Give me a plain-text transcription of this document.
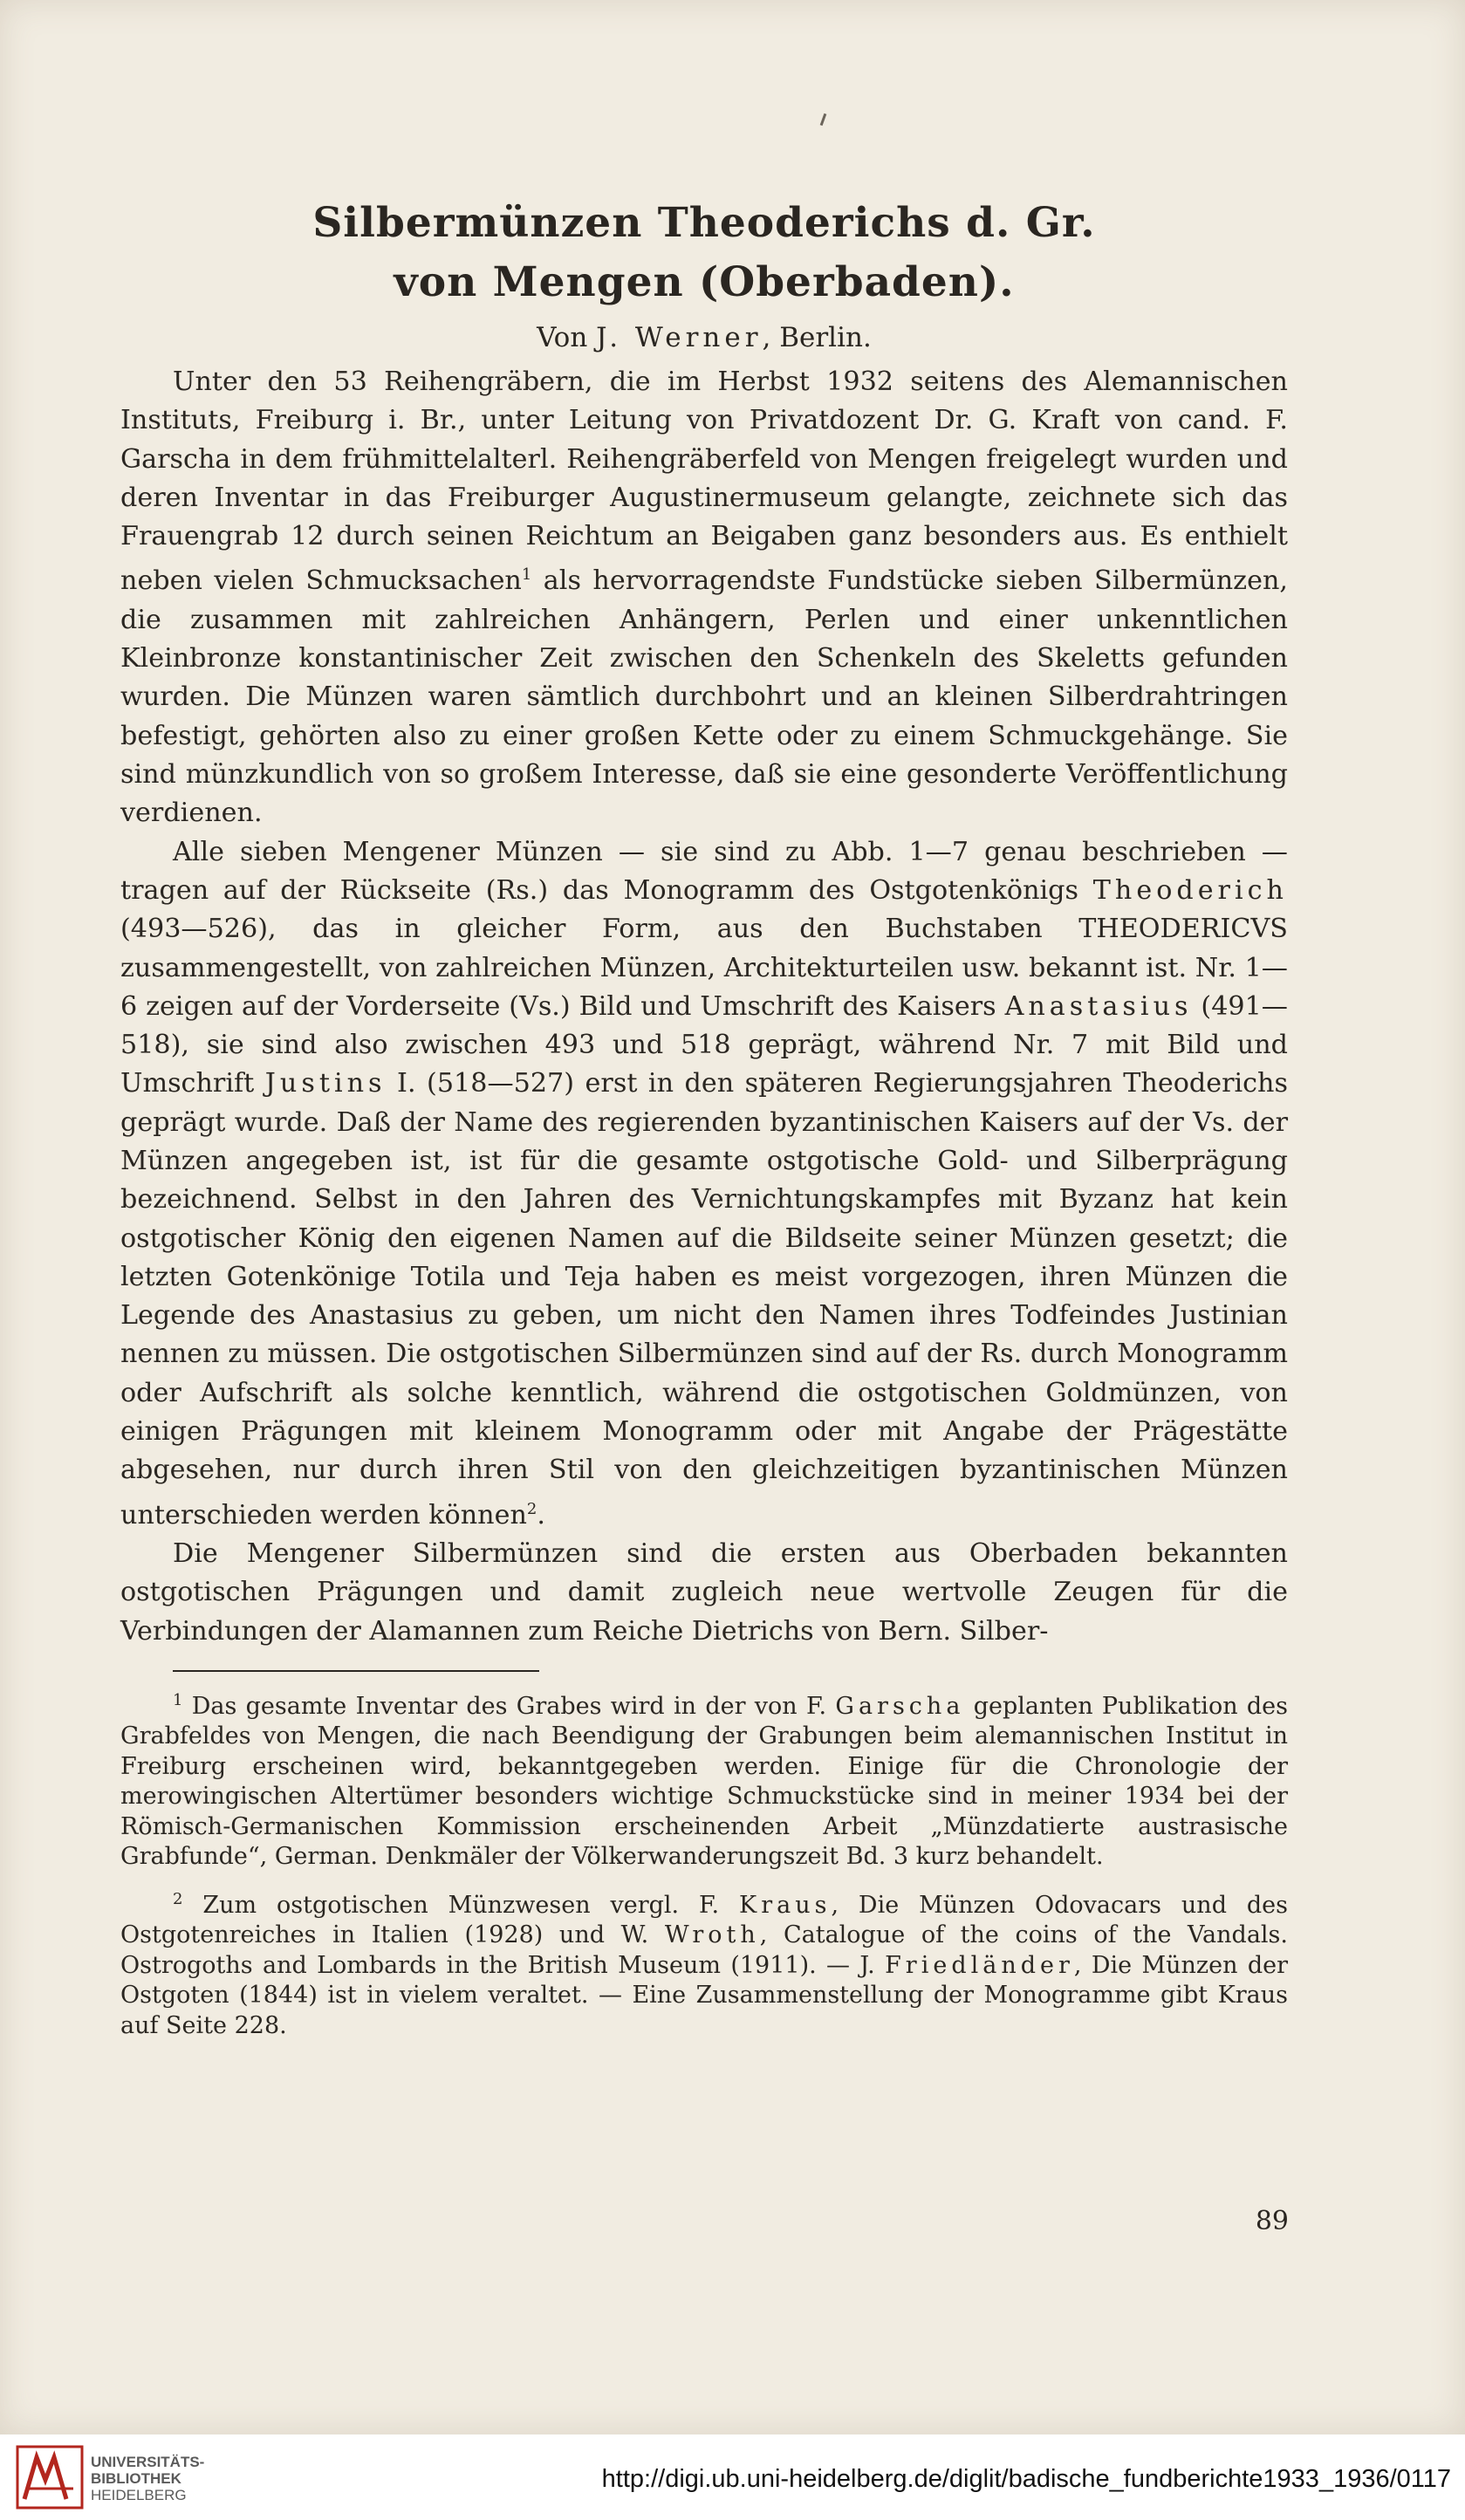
Silbermünzen Theoderichs d. Gr.
von Mengen (Oberbaden).
Von J. Werner, Berlin.

Unter den 53 Reihengräbern, die im Herbst 1932 seitens des Alemannischen Instituts, Freiburg i. Br., unter Leitung von Privatdozent Dr. G. Kraft von cand. F. Garscha in dem frühmittelalterl. Reihengräberfeld von Mengen freigelegt wurden und deren Inventar in das Freiburger Augustinermuseum gelangte, zeichnete sich das Frauengrab 12 durch seinen Reichtum an Beigaben ganz besonders aus. Es enthielt neben vielen Schmucksachen$^1$ als hervorragendste Fundstücke sieben Silbermünzen, die zusammen mit zahlreichen Anhängern, Perlen und einer unkenntlichen Kleinbronze konstantinischer Zeit zwischen den Schenkeln des Skeletts gefunden wurden. Die Münzen waren sämtlich durchbohrt und an kleinen Silberdrahtringen befestigt, gehörten also zu einer großen Kette oder zu einem Schmuckgehänge. Sie sind münzkundlich von so großem Interesse, daß sie eine gesonderte Veröffentlichung verdienen.

Alle sieben Mengener Münzen — sie sind zu Abb. 1—7 genau beschrieben — tragen auf der Rückseite (Rs.) das Monogramm des Ostgotenkönigs Theoderich (493—526), das in gleicher Form, aus den Buchstaben THEODERICVS zusammengestellt, von zahlreichen Münzen, Architekturteilen usw. bekannt ist. Nr. 1—6 zeigen auf der Vorderseite (Vs.) Bild und Umschrift des Kaisers Anastasius (491—518), sie sind also zwischen 493 und 518 geprägt, während Nr. 7 mit Bild und Umschrift Justins I. (518—527) erst in den späteren Regierungsjahren Theoderichs geprägt wurde. Daß der Name des regierenden byzantinischen Kaisers auf der Vs. der Münzen angegeben ist, ist für die gesamte ostgotische Gold- und Silberprägung bezeichnend. Selbst in den Jahren des Vernichtungskampfes mit Byzanz hat kein ostgotischer König den eigenen Namen auf die Bildseite seiner Münzen gesetzt; die letzten Gotenkönige Totila und Teja haben es meist vorgezogen, ihren Münzen die Legende des Anastasius zu geben, um nicht den Namen ihres Todfeindes Justinian nennen zu müssen. Die ostgotischen Silbermünzen sind auf der Rs. durch Monogramm oder Aufschrift als solche kenntlich, während die ostgotischen Goldmünzen, von einigen Prägungen mit kleinem Monogramm oder mit Angabe der Prägestätte abgesehen, nur durch ihren Stil von den gleichzeitigen byzantinischen Münzen unterschieden werden können$^2$.

Die Mengener Silbermünzen sind die ersten aus Oberbaden bekannten ostgotischen Prägungen und damit zugleich neue wertvolle Zeugen für die Verbindungen der Alamannen zum Reiche Dietrichs von Bern. Silber-

$^1$ Das gesamte Inventar des Grabes wird in der von F. Garscha geplanten Publikation des Grabfeldes von Mengen, die nach Beendigung der Grabungen beim alemannischen Institut in Freiburg erscheinen wird, bekanntgegeben werden. Einige für die Chronologie der merowingischen Altertümer besonders wichtige Schmuckstücke sind in meiner 1934 bei der Römisch-Germanischen Kommission erscheinenden Arbeit „Münzdatierte austrasische Grabfunde“, German. Denkmäler der Völkerwanderungszeit Bd. 3 kurz behandelt.

$^2$ Zum ostgotischen Münzwesen vergl. F. Kraus, Die Münzen Odovacars und des Ostgotenreiches in Italien (1928) und W. Wroth, Catalogue of the coins of the Vandals. Ostrogoths and Lombards in the British Museum (1911). — J. Friedländer, Die Münzen der Ostgoten (1844) ist in vielem veraltet. — Eine Zusammenstellung der Monogramme gibt Kraus auf Seite 228.

89
UNIVERSITÄTS-
BIBLIOTHEK
HEIDELBERG
http://digi.ub.uni-heidelberg.de/diglit/badische_fundberichte1933_1936/0117
